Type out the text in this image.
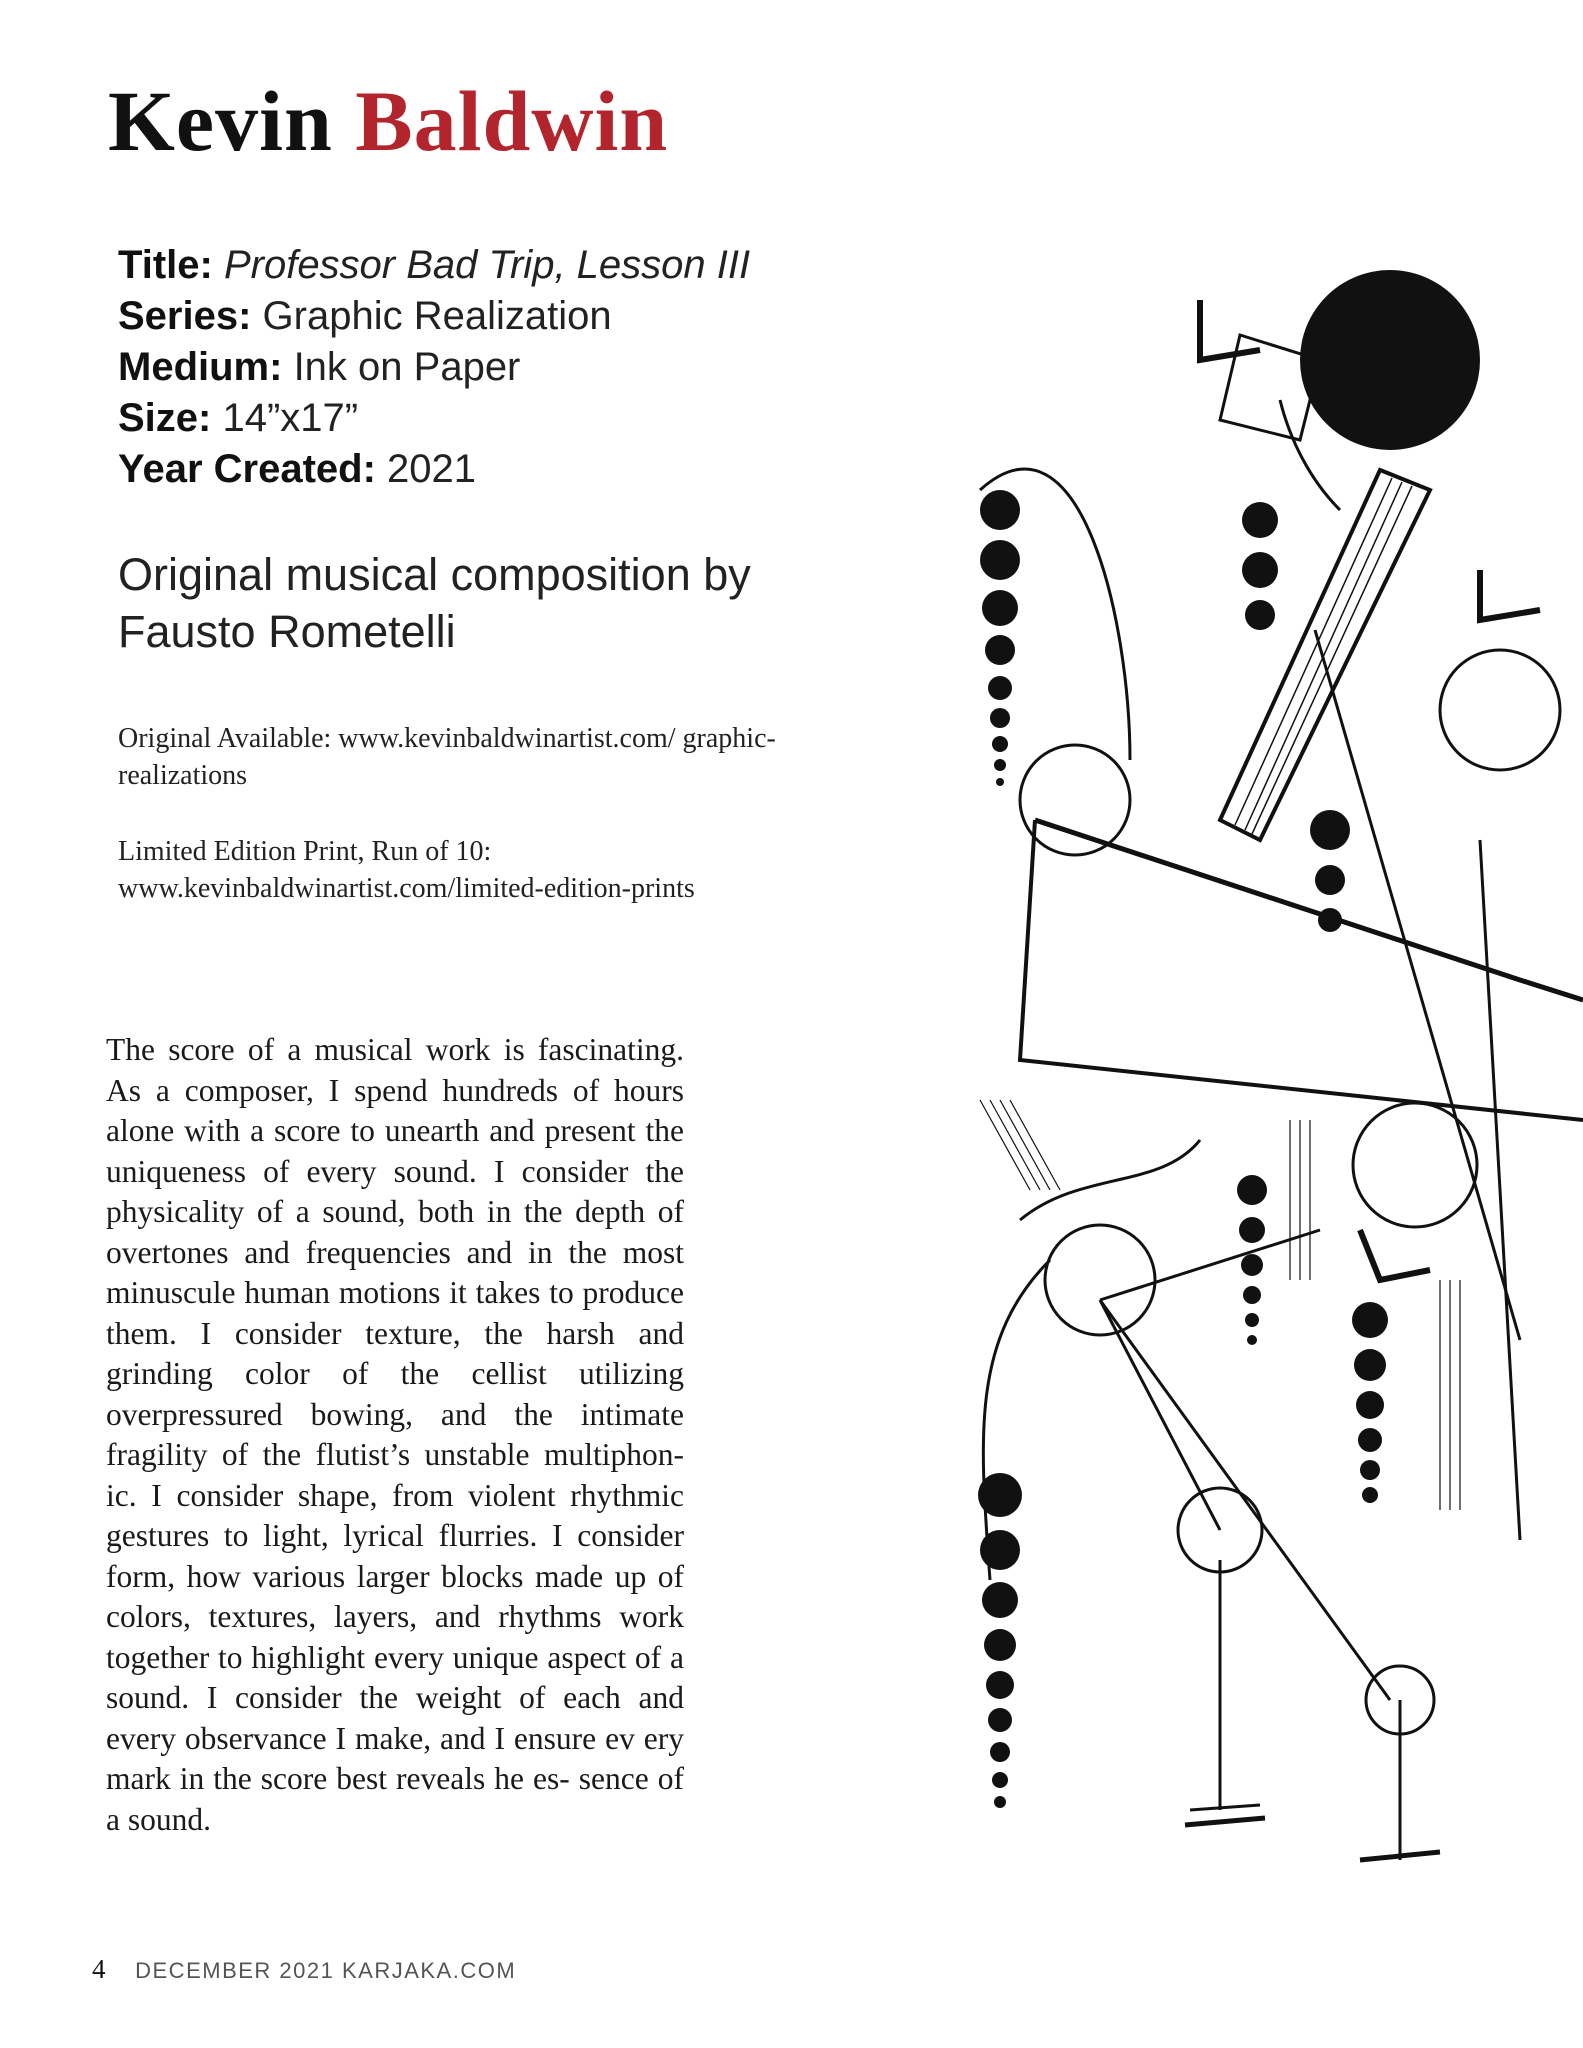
Kevin Baldwin
Title: Professor Bad Trip, Lesson III
Series: Graphic Realization
Medium: Ink on Paper
Size: 14”x17”
Year Created: 2021
Original musical composition by Fausto Rometelli
Original Available: www.kevinbaldwinartist.com/ graphic-realizations
Limited Edition Print, Run of 10: www.kevinbaldwinartist.com/limited-edition-prints
The score of a musical work is fascinating. As a composer, I spend hundreds of hours alone with a score to unearth and present the uniqueness of every sound. I consider the physicality of a sound, both in the depth of overtones and frequencies and in the most minuscule human motions it takes to produce them. I consider texture, the harsh and grinding color of the cellist utilizing overpressured bowing, and the intimate fragility of the flutist’s unstable multiphon- ic. I consider shape, from violent rhythmic gestures to light, lyrical flurries. I consider form, how various larger blocks made up of colors, textures, layers, and rhythms work together to highlight every unique aspect of a sound. I consider the weight of each and every observance I make, and I ensure ev ery mark in the score best reveals he es- sence of a sound.
4 DECEMBER 2021 KARJAKA.COM
